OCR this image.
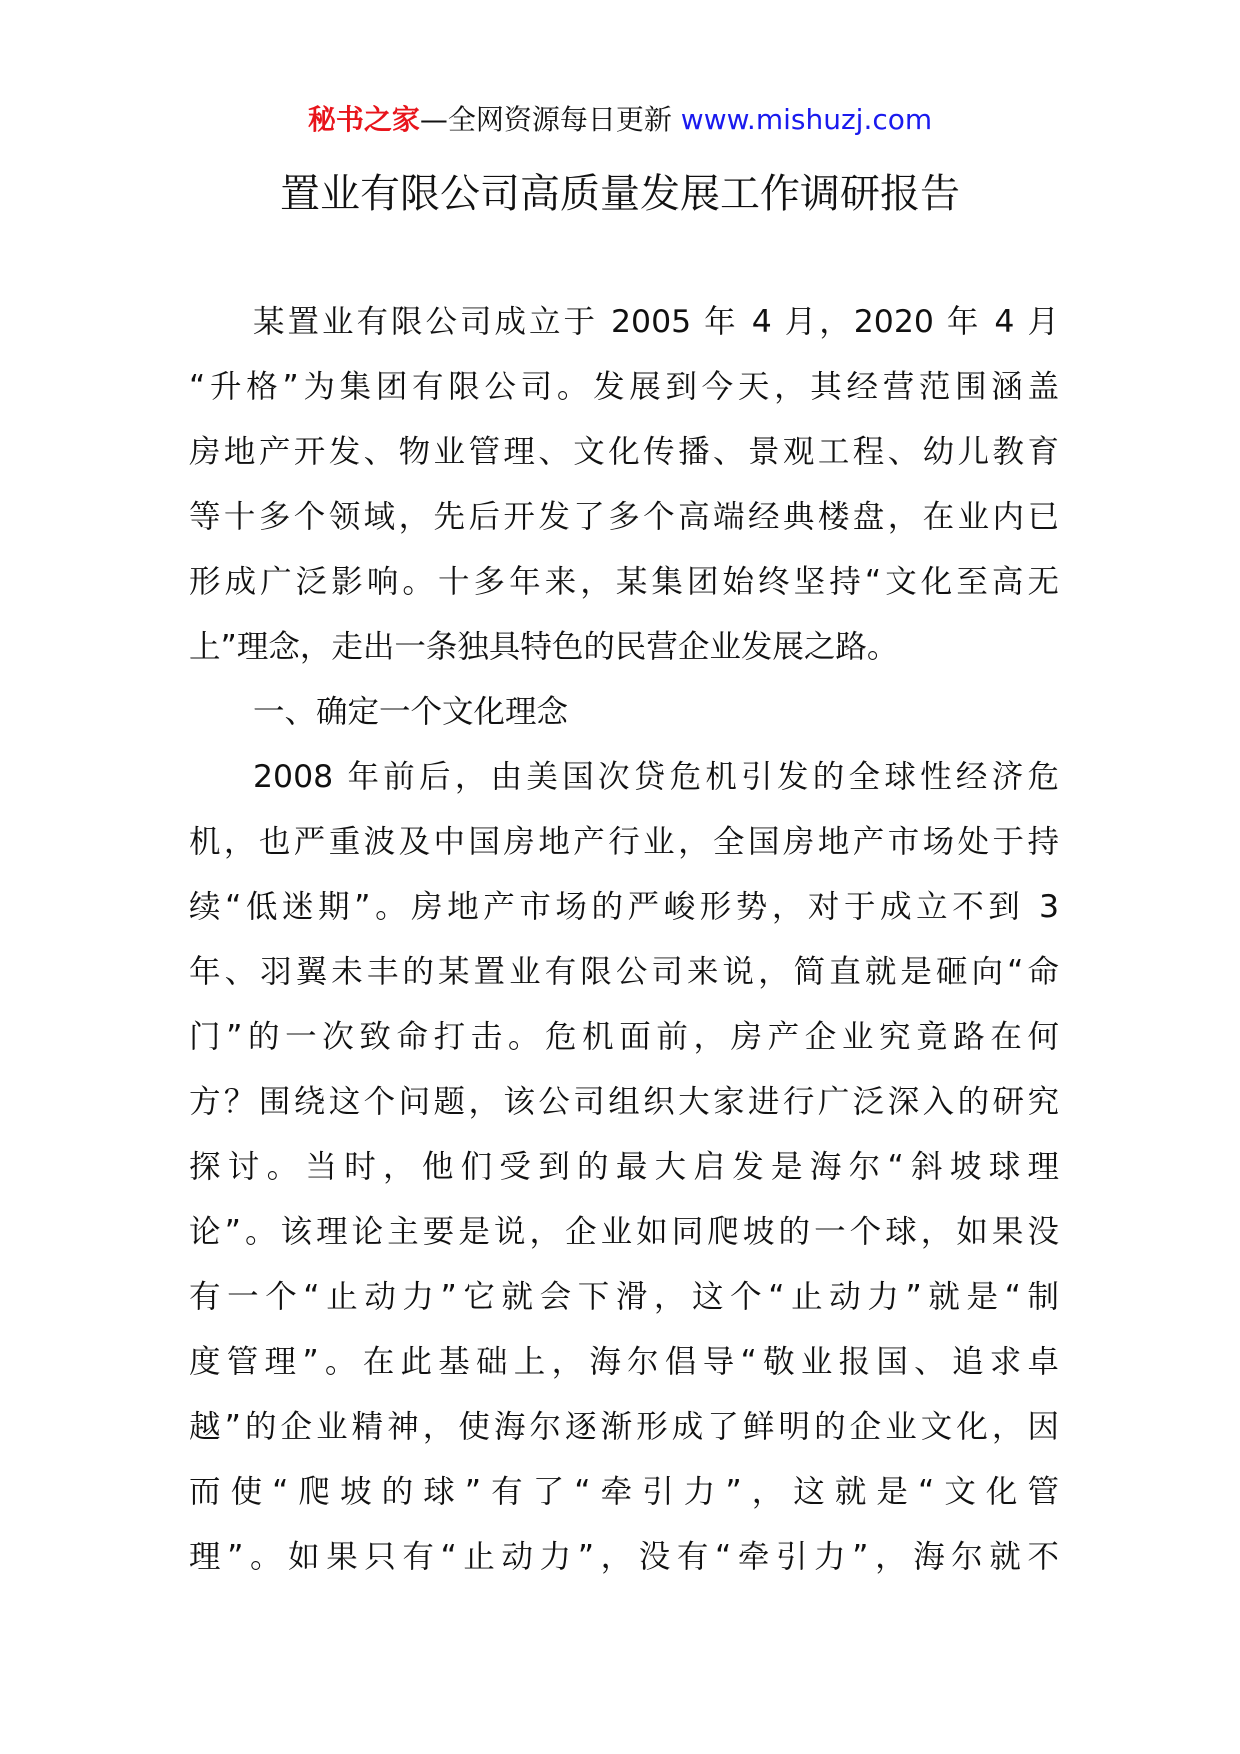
秘书之家—全网资源每日更新 www.mishuzj.com
置业有限公司高质量发展工作调研报告
某置业有限公司成立于 2005 年 4 月，2020 年 4 月
“升格”为集团有限公司。发展到今天，其经营范围涵盖
房地产开发、物业管理、文化传播、景观工程、幼儿教育
等十多个领域，先后开发了多个高端经典楼盘，在业内已
形成广泛影响。十多年来，某集团始终坚持“文化至高无
上”理念，走出一条独具特色的民营企业发展之路。
一、确定一个文化理念
2008 年前后，由美国次贷危机引发的全球性经济危
机，也严重波及中国房地产行业，全国房地产市场处于持
续“低迷期”。房地产市场的严峻形势，对于成立不到 3
年、羽翼未丰的某置业有限公司来说，简直就是砸向“命
门”的一次致命打击。危机面前，房产企业究竟路在何
方？围绕这个问题，该公司组织大家进行广泛深入的研究
探讨。当时，他们受到的最大启发是海尔“斜坡球理
论”。该理论主要是说，企业如同爬坡的一个球，如果没
有一个“止动力”它就会下滑，这个“止动力”就是“制
度管理”。在此基础上，海尔倡导“敬业报国、追求卓
越”的企业精神，使海尔逐渐形成了鲜明的企业文化，因
而使“爬坡的球”有了“牵引力”，这就是“文化管
理”。如果只有“止动力”，没有“牵引力”，海尔就不
